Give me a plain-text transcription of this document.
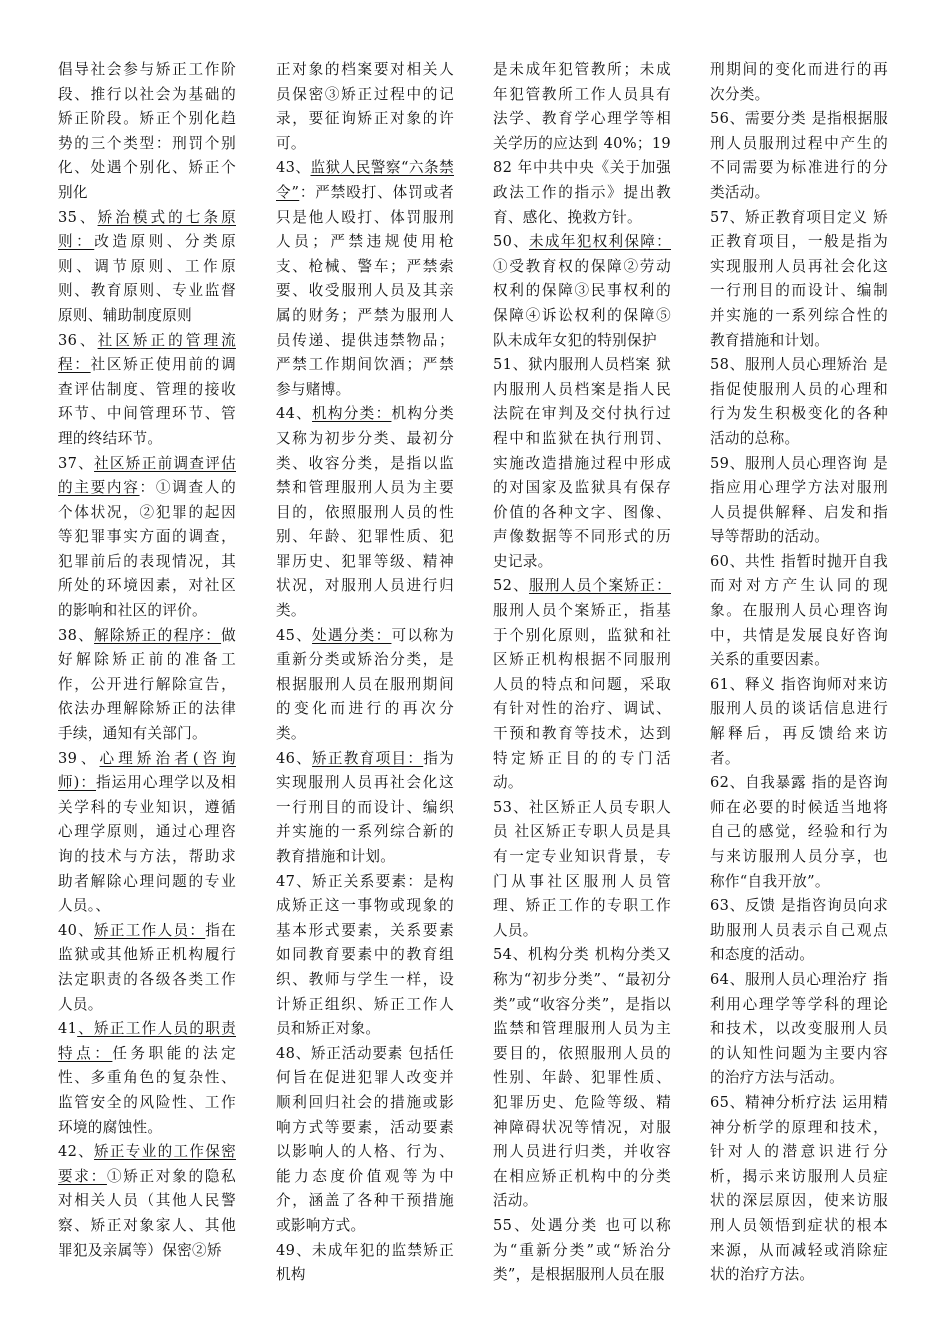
倡导社会参与矫正工作阶段、推行以社会为基础的矫正阶段。矫正个别化趋势的三个类型：刑罚个别化、处遇个别化、矫正个别化

35、矫治模式的七条原则：改造原则、分类原则、调节原则、工作原则、教育原则、专业监督原则、辅助制度原则

36、社区矫正的管理流程：社区矫正使用前的调查评估制度、管理的接收环节、中间管理环节、管理的终结环节。

37、社区矫正前调查评估的主要内容：①调查人的个体状况，②犯罪的起因等犯罪事实方面的调查，犯罪前后的表现情况，其所处的环境因素，对社区的影响和社区的评价。

38、解除矫正的程序：做好解除矫正前的准备工作，公开进行解除宣告，依法办理解除矫正的法律手续，通知有关部门。

39、心理矫治者(咨询师)：指运用心理学以及相关学科的专业知识，遵循心理学原则，通过心理咨询的技术与方法，帮助求助者解除心理问题的专业人员。、

40、矫正工作人员：指在监狱或其他矫正机构履行法定职责的各级各类工作人员。

41、矫正工作人员的职责特点：任务职能的法定性、多重角色的复杂性、监管安全的风险性、工作环境的腐蚀性。

42、矫正专业的工作保密要求：①矫正对象的隐私对相关人员（其他人民警察、矫正对象家人、其他罪犯及亲属等）保密②矫

正对象的档案要对相关人员保密③矫正过程中的记录，要征询矫正对象的许可。

43、监狱人民警察“六条禁令”：严禁殴打、体罚或者只是他人殴打、体罚服刑人员；严禁违规使用枪支、枪械、警车；严禁索要、收受服刑人员及其亲属的财务；严禁为服刑人员传递、提供违禁物品；严禁工作期间饮酒；严禁参与赌博。

44、机构分类：机构分类又称为初步分类、最初分类、收容分类，是指以监禁和管理服刑人员为主要目的，依照服刑人员的性别、年龄、犯罪性质、犯罪历史、犯罪等级、精神状况，对服刑人员进行归类。

45、处遇分类：可以称为重新分类或矫治分类，是根据服刑人员在服刑期间的变化而进行的再次分类。

46、矫正教育项目：指为实现服刑人员再社会化这一行刑目的而设计、编织并实施的一系列综合新的教育措施和计划。

47、矫正关系要素：是构成矫正这一事物或现象的基本形式要素，关系要素如同教育要素中的教育组织、教师与学生一样，设计矫正组织、矫正工作人员和矫正对象。

48、矫正活动要素 包括任何旨在促进犯罪人改变并顺利回归社会的措施或影响方式等要素，活动要素以影响人的人格、行为、能力态度价值观等为中介，涵盖了各种干预措施或影响方式。

49、未成年犯的监禁矫正机构

是未成年犯管教所；未成年犯管教所工作人员具有法学、教育学心理学等相关学历的应达到 40%；1982 年中共中央《关于加强政法工作的指示》提出教育、感化、挽救方针。

50、未成年犯权利保障：①受教育权的保障②劳动权利的保障③民事权利的保障④诉讼权利的保障⑤队未成年女犯的特别保护

51、狱内服刑人员档案 狱内服刑人员档案是指人民法院在审判及交付执行过程中和监狱在执行刑罚、实施改造措施过程中形成的对国家及监狱具有保存价值的各种文字、图像、声像数据等不同形式的历史记录。

52、服刑人员个案矫正：服刑人员个案矫正，指基于个别化原则，监狱和社区矫正机构根据不同服刑人员的特点和问题，采取有针对性的治疗、调试、干预和教育等技术，达到特定矫正目的的专门活动。

53、社区矫正人员专职人员 社区矫正专职人员是具有一定专业知识背景，专门从事社区服刑人员管理、矫正工作的专职工作人员。

54、机构分类 机构分类又称为“初步分类”、“最初分类”或“收容分类”，是指以监禁和管理服刑人员为主要目的，依照服刑人员的性别、年龄、犯罪性质、犯罪历史、危险等级、精神障碍状况等情况，对服刑人员进行归类，并收容在相应矫正机构中的分类活动。

55、处遇分类 也可以称为“重新分类”或“矫治分类”，是根据服刑人员在服

刑期间的变化而进行的再次分类。

56、需要分类 是指根据服刑人员服刑过程中产生的不同需要为标准进行的分类活动。

57、矫正教育项目定义 矫正教育项目，一般是指为实现服刑人员再社会化这一行刑目的而设计、编制并实施的一系列综合性的教育措施和计划。

58、服刑人员心理矫治 是指促使服刑人员的心理和行为发生积极变化的各种活动的总称。

59、服刑人员心理咨询 是指应用心理学方法对服刑人员提供解释、启发和指导等帮助的活动。

60、共性 指暂时抛开自我而对对方产生认同的现象。在服刑人员心理咨询中，共情是发展良好咨询关系的重要因素。

61、释义 指咨询师对来访服刑人员的谈话信息进行解释后，再反馈给来访者。

62、自我暴露 指的是咨询师在必要的时候适当地将自己的感觉，经验和行为与来访服刑人员分享，也称作“自我开放”。

63、反馈 是指咨询员向求助服刑人员表示自己观点和态度的活动。

64、服刑人员心理治疗 指利用心理学等学科的理论和技术，以改变服刑人员的认知性问题为主要内容的治疗方法与活动。

65、精神分析疗法 运用精神分析学的原理和技术，针对人的潜意识进行分析，揭示来访服刑人员症状的深层原因，使来访服刑人员领悟到症状的根本来源，从而减轻或消除症状的治疗方法。
